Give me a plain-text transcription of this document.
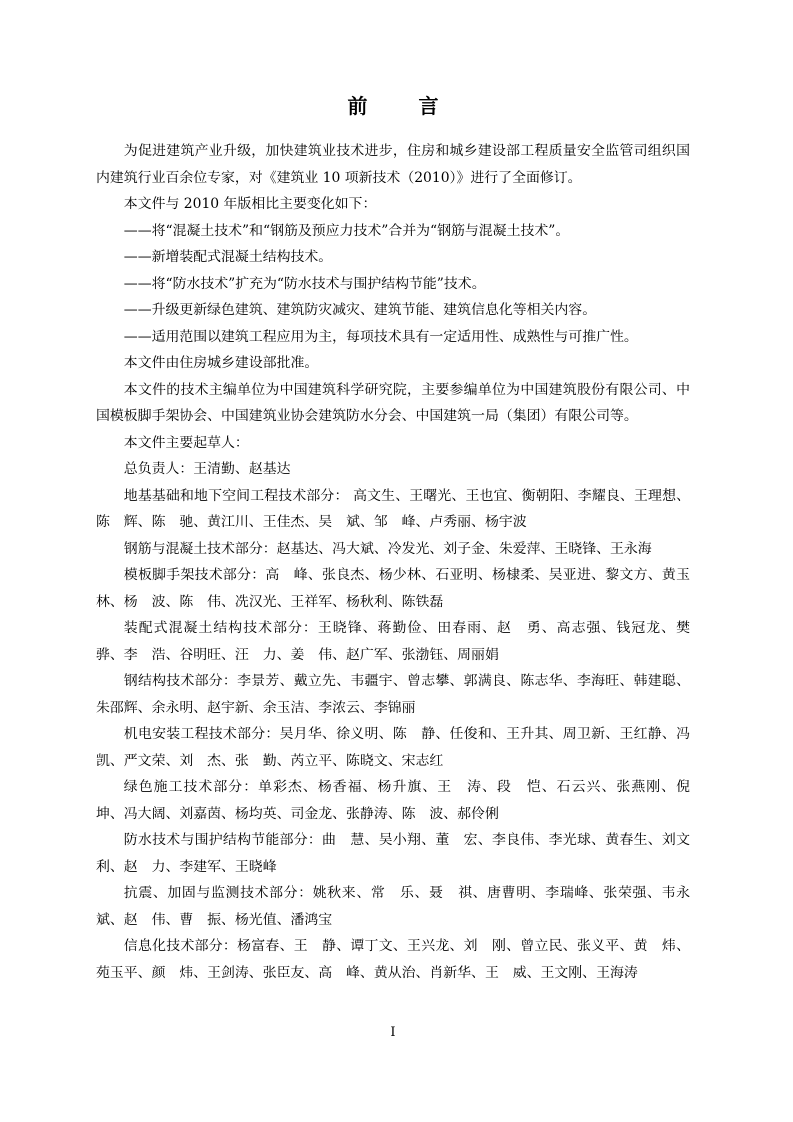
前 言

为促进建筑产业升级，加快建筑业技术进步，住房和城乡建设部工程质量安全监管司组织国内建筑行业百余位专家，对《建筑业 10 项新技术（2010）》进行了全面修订。

本文件与 2010 年版相比主要变化如下：

——将“混凝土技术”和“钢筋及预应力技术”合并为“钢筋与混凝土技术”。

——新增装配式混凝土结构技术。

——将“防水技术”扩充为“防水技术与围护结构节能”技术。

——升级更新绿色建筑、建筑防灾减灾、建筑节能、建筑信息化等相关内容。

——适用范围以建筑工程应用为主，每项技术具有一定适用性、成熟性与可推广性。

本文件由住房城乡建设部批准。

本文件的技术主编单位为中国建筑科学研究院，主要参编单位为中国建筑股份有限公司、中国模板脚手架协会、中国建筑业协会建筑防水分会、中国建筑一局（集团）有限公司等。

本文件主要起草人：

总负责人：王清勤、赵基达

地基基础和地下空间工程技术部分： 高文生、王曙光、王也宜、衡朝阳、李耀良、王理想、陈　辉、陈　驰、黄江川、王佳杰、吴　斌、邹　峰、卢秀丽、杨宇波

钢筋与混凝土技术部分：赵基达、冯大斌、冷发光、刘子金、朱爱萍、王晓锋、王永海

模板脚手架技术部分：高　峰、张良杰、杨少林、石亚明、杨棣柔、吴亚进、黎文方、黄玉林、杨　波、陈　伟、冼汉光、王祥军、杨秋利、陈铁磊

装配式混凝土结构技术部分：王晓锋、蒋勤俭、田春雨、赵　勇、高志强、钱冠龙、樊　骅、李　浩、谷明旺、汪　力、姜　伟、赵广军、张渤钰、周丽娟

钢结构技术部分：李景芳、戴立先、韦疆宇、曾志攀、郭满良、陈志华、李海旺、韩建聪、朱邵辉、余永明、赵宇新、余玉洁、李浓云、李锦丽

机电安装工程技术部分：吴月华、徐义明、陈　静、任俊和、王升其、周卫新、王红静、冯凯、严文荣、刘　杰、张　勤、芮立平、陈晓文、宋志红

绿色施工技术部分：单彩杰、杨香福、杨升旗、王　涛、段　恺、石云兴、张燕刚、倪　坤、冯大阔、刘嘉茵、杨均英、司金龙、张静涛、陈　波、郝伶俐

防水技术与围护结构节能部分：曲　慧、吴小翔、董　宏、李良伟、李光球、黄春生、刘文利、赵　力、李建军、王晓峰

抗震、加固与监测技术部分：姚秋来、常　乐、聂　祺、唐曹明、李瑞峰、张荣强、韦永斌、赵　伟、曹　振、杨光值、潘鸿宝

信息化技术部分：杨富春、王　静、谭丁文、王兴龙、刘　刚、曾立民、张义平、黄　炜、苑玉平、颜　炜、王剑涛、张臣友、高　峰、黄从治、肖新华、王　威、王文刚、王海涛

I
